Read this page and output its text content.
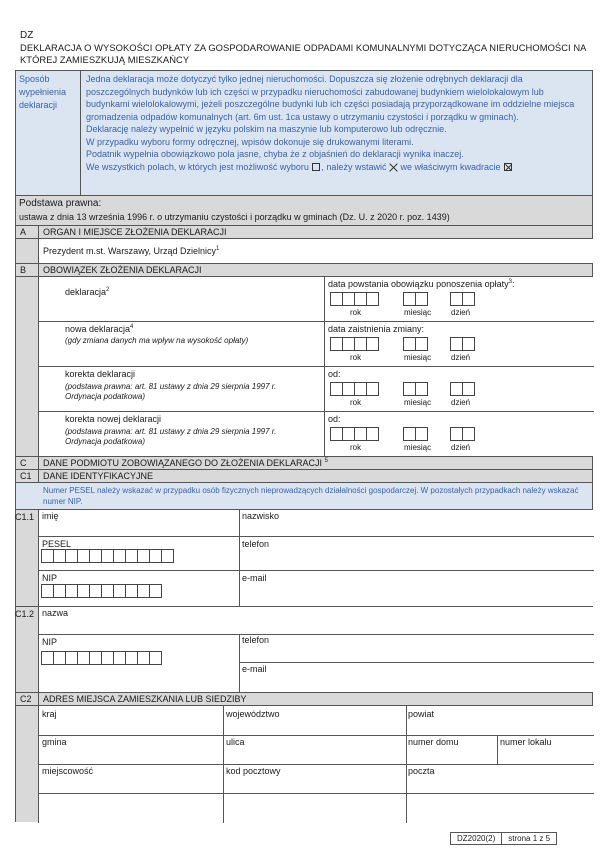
DZ
DEKLARACJA O WYSOKOŚCI OPŁATY ZA GOSPODAROWANIE ODPADAMI KOMUNALNYMI DOTYCZĄCA NIERUCHOMOŚCI NA KTÓREJ ZAMIESZKUJĄ MIESZKAŃCY
Sposób
wypełnienia
deklaracji
Jedna deklaracja może dotyczyć tylko jednej nieruchomości. Dopuszcza się złożenie odrębnych deklaracji dla poszczególnych budynków lub ich części w przypadku nieruchomości zabudowanej budynkiem wielolokalowym lub budynkami wielolokalowymi, jeżeli poszczególne budynki lub ich części posiadają przyporządkowane im oddzielne miejsca gromadzenia odpadów komunalnych (art. 6m ust. 1ca ustawy o utrzymaniu czystości i porządku w gminach).
Deklarację należy wypełnić w języku polskim na maszynie lub komputerowo lub odręcznie.
W przypadku wyboru formy odręcznej, wpisów dokonuje się drukowanymi literami.
Podatnik wypełnia obowiązkowo pola jasne, chyba że z objaśnień do deklaracji wynika inaczej.
We wszystkich polach, w których jest możliwość wyboru , należy wstawić we właściwym kwadracie
Podstawa prawna:
ustawa z dnia 13 września 1996 r. o utrzymaniu czystości i porządku w gminach (Dz. U. z 2020 r. poz. 1439)
A ORGAN I MIEJSCE ZŁOŻENIA DEKLARACJI
Prezydent m.st. Warszawy, Urząd Dzielnicy$^1$
B OBOWIĄZEK ZŁOŻENIA DEKLARACJI
C DANE PODMIOTU ZOBOWIĄZANEGO DO ZŁOŻENIA DEKLARACJI $^5$
C1 DANE IDENTYFIKACYJNE
Numer PESEL należy wskazać w przypadku osób fizycznych nieprowadzących działalności gospodarczej. W pozostałych przypadkach należy wskazać numer NIP.
C1.1
C1.2
C2 ADRES MIEJSCA ZAMIESZKANIA LUB SIEDZIBY
deklaracja$^2$
data powstania obowiązku ponoszenia opłaty$^3$:
rok	miesiąc dzień
nowa deklaracja$^4$
(gdy zmiana danych ma wpływ na wysokość opłaty)
data zaistnienia zmiany:
rok	miesiąc dzień
korekta deklaracji
(podstawa prawna: art. 81 ustawy z dnia 29 sierpnia 1997 r. Ordynacja podatkowa)
od:
rok	miesiąc dzień
korekta nowej deklaracji
(podstawa prawna: art. 81 ustawy z dnia 29 sierpnia 1997 r. Ordynacja podatkowa)
od:
rok	miesiąc dzień
imię	nazwisko
PESEL	telefon
NIP	e-mail
nazwa
NIP	telefon
e-mail
kraj	województwo	powiat
gmina	ulica	numer domu	numer lokalu
miejscowość	kod pocztowy	poczta
DZ2020(2)	strona 1 z 5
